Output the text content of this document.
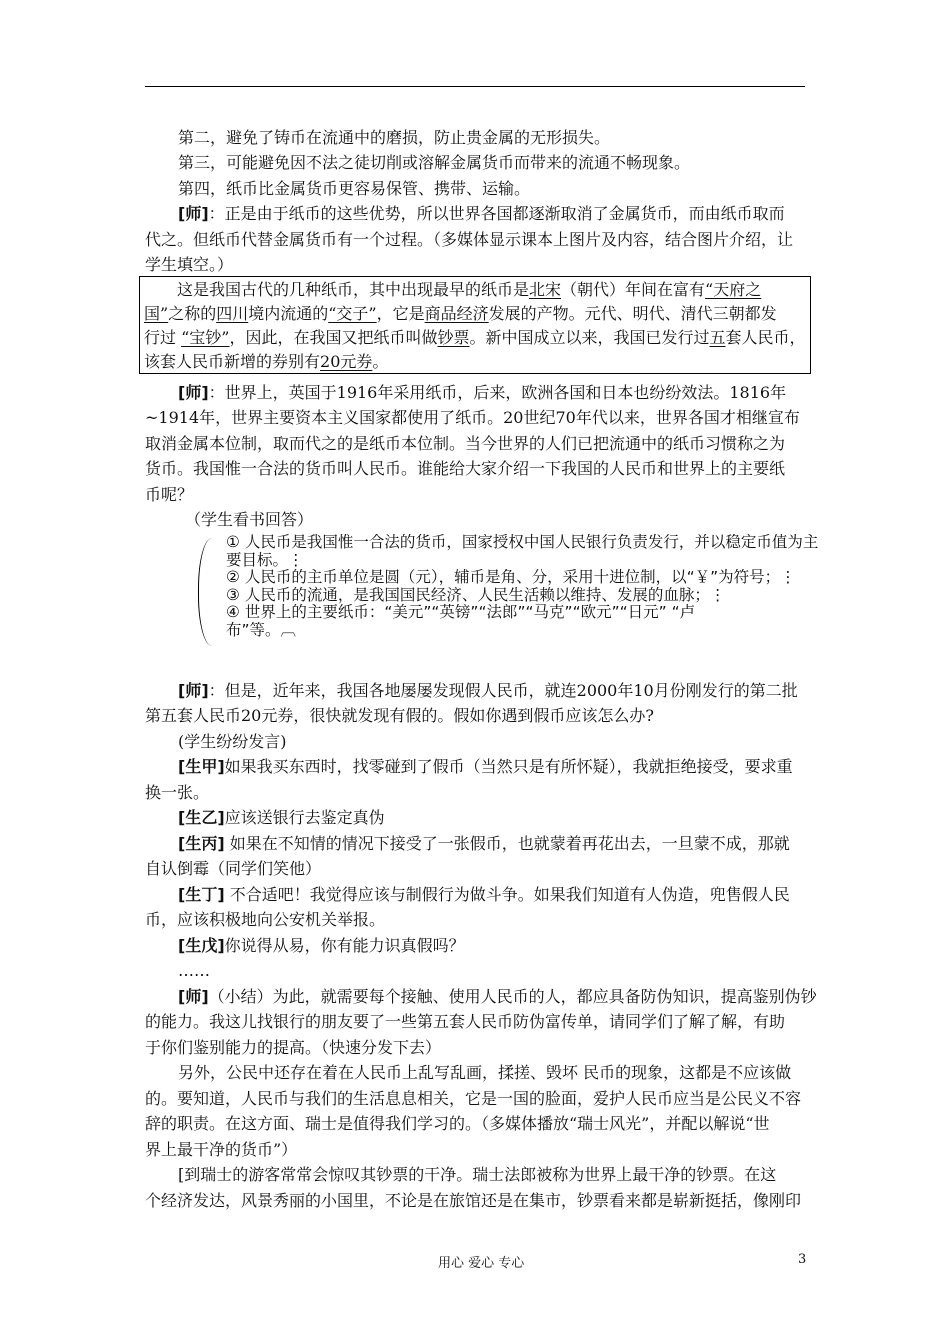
第二，避免了铸币在流通中的磨损，防止贵金属的无形损失。
第三，可能避免因不法之徒切削或溶解金属货币而带来的流通不畅现象。
第四，纸币比金属货币更容易保管、携带、运输。
[师]：正是由于纸币的这些优势，所以世界各国都逐渐取消了金属货币，而由纸币取而
代之。但纸币代替金属货币有一个过程。（多媒体显示课本上图片及内容，结合图片介绍，让
学生填空。）
这是我国古代的几种纸币，其中出现最早的纸币是北宋（朝代）年间在富有“天府之
国”之称的四川境内流通的“交子”，它是商品经济发展的产物。元代、明代、清代三朝都发
行过 “宝钞”，因此，在我国又把纸币叫做钞票。新中国成立以来，我国已发行过五套人民币，
该套人民币新增的券别有20元券。
[师]：世界上，英国于1916年采用纸币，后来，欧洲各国和日本也纷纷效法。1816年
~1914年，世界主要资本主义国家都使用了纸币。20世纪70年代以来，世界各国才相继宣布
取消金属本位制，取而代之的是纸币本位制。当今世界的人们已把流通中的纸币习惯称之为
货币。我国惟一合法的货币叫人民币。谁能给大家介绍一下我国的人民币和世界上的主要纸
币呢？
（学生看书回答）
① 人民币是我国惟一合法的货币，国家授权中国人民银行负责发行，并以稳定币值为主
要目标。⋮
② 人民币的主币单位是圆（元），辅币是角、分，采用十进位制，以“￥”为符号；⋮
③ 人民币的流通，是我国国民经济、人民生活赖以维持、发展的血脉；⋮
④ 世界上的主要纸币：“美元”“英镑”“法郎”“马克”“欧元”“日元” “卢
布”等。︹
[师]：但是，近年来，我国各地屡屡发现假人民币，就连2000年10月份刚发行的第二批
第五套人民币20元券，很快就发现有假的。假如你遇到假币应该怎么办?
(学生纷纷发言)
[生甲]如果我买东西时，找零碰到了假币（当然只是有所怀疑），我就拒绝接受，要求重
换一张。
[生乙]应该送银行去鉴定真伪
[生丙] 如果在不知情的情况下接受了一张假币，也就蒙着再花出去，一旦蒙不成，那就
自认倒霉（同学们笑他）
[生丁] 不合适吧！我觉得应该与制假行为做斗争。如果我们知道有人伪造，兜售假人民
币，应该积极地向公安机关举报。
[生戊]你说得从易，你有能力识真假吗？
……
[师]（小结）为此，就需要每个接触、使用人民币的人，都应具备防伪知识，提高鉴别伪钞
的能力。我这儿找银行的朋友要了一些第五套人民币防伪富传单，请同学们了解了解，有助
于你们鉴别能力的提高。（快速分发下去）
另外，公民中还存在着在人民币上乱写乱画，揉搓、毁坏 民币的现象，这都是不应该做
的。要知道，人民币与我们的生活息息相关，它是一国的脸面，爱护人民币应当是公民义不容
辞的职责。在这方面、瑞士是值得我们学习的。（多媒体播放“瑞士风光”，并配以解说“世
界上最干净的货币”）
[到瑞士的游客常常会惊叹其钞票的干净。瑞士法郎被称为世界上最干净的钞票。在这
个经济发达，风景秀丽的小国里，不论是在旅馆还是在集市，钞票看来都是崭新挺括，像刚印
用心 爱心 专心	3
